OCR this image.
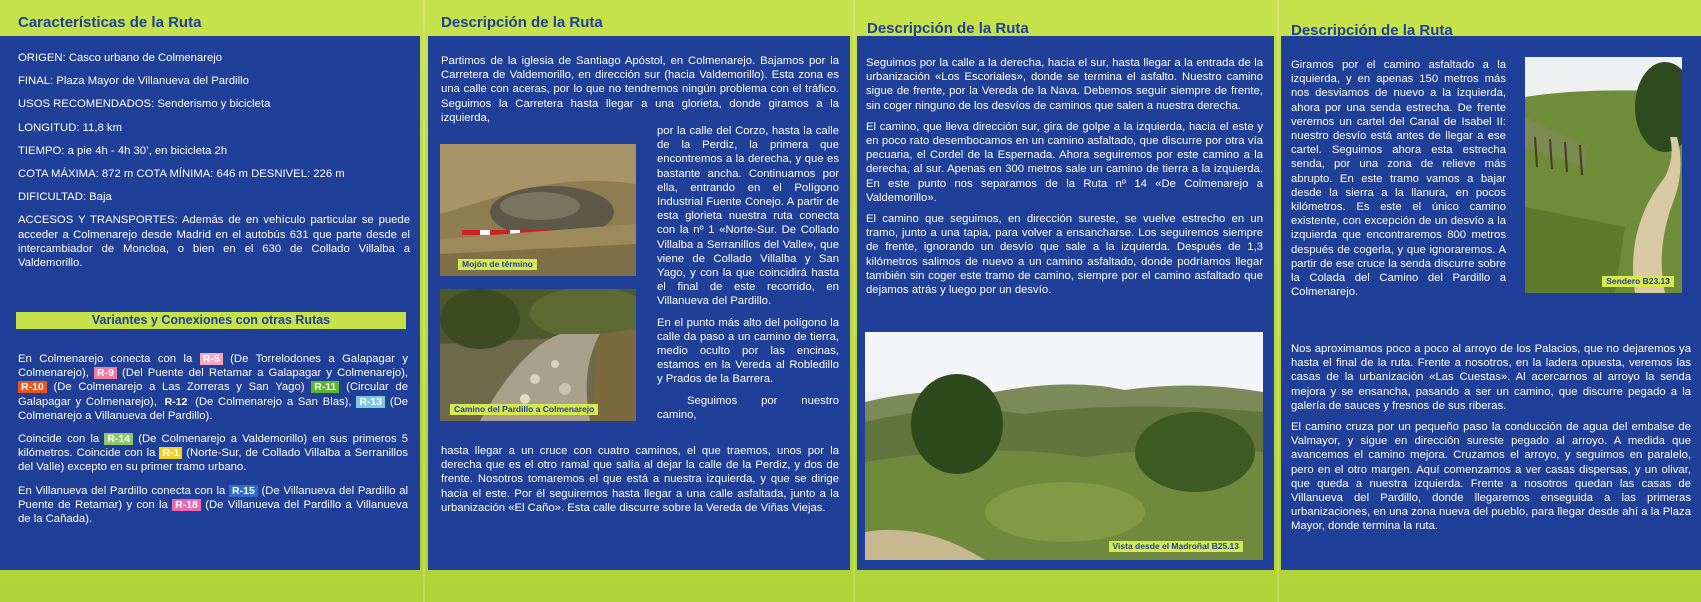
Características de la Ruta

ORIGEN: Casco urbano de Colmenarejo

FINAL: Plaza Mayor de Villanueva del Pardillo

USOS RECOMENDADOS: Senderismo y bicicleta

LONGITUD: 11,8 km

TIEMPO: a pie 4h - 4h 30’, en bicicleta 2h

COTA MÁXIMA: 872 m COTA MÍNIMA: 646 m DESNIVEL: 226 m

DIFICULTAD: Baja

ACCESOS Y TRANSPORTES: Además de en vehículo particular se puede acceder a Colmenarejo desde Madrid en el autobús 631 que parte desde el intercambiador de Moncloa, o bien en el 630 de Collado Villalba a Valdemorillo.

Variantes y Conexiones con otras Rutas

En Colmenarejo conecta con la R-5 (De Torrelodones a Galapagar y Colmenarejo), R-9 (Del Puente del Retamar a Galapagar y Colmenarejo), R-10 (De Colmenarejo a Las Zorreras y San Yago) R-11 (Circular de Galapagar y Colmenarejo), R-12 (De Colmenarejo a San Blas), R-13 (De Colmenarejo a Villanueva del Pardillo).

Coincide con la R-14 (De Colmenarejo a Valdemorillo) en sus primeros 5 kilómetros. Coincide con la R-1 (Norte-Sur, de Collado Villalba a Serranillos del Valle) excepto en su primer tramo urbano.

En Villanueva del Pardillo conecta con la R-15 (De Villanueva del Pardillo al Puente de Retamar) y con la R-18 (De Villanueva del Pardillo a Villanueva de la Cañada).

Descripción de la Ruta
Partimos de la iglesia de Santiago Apóstol, en Colmenarejo. Bajamos por la Carretera de Valdemorillo, en dirección sur (hacia Valdemorillo). Esta zona es una calle con aceras, por lo que no tendremos ningún problema con el tráfico. Seguimos la Carretera hasta llegar a una glorieta, donde giramos a la izquierda,
Mojón de término
Camino del Pardillo a Colmenarejo

por la calle del Corzo, hasta la calle de la Perdiz, la primera que encontremos a la derecha, y que es bastante ancha. Continuamos por ella, entrando en el Polígono Industrial Fuente Conejo. A partir de esta glorieta nuestra ruta conecta con la nº 1 «Norte-Sur. De Collado Villalba a Serranillos del Valle», que viene de Collado Villalba y San Yago, y con la que coincidirá hasta el final de este recorrido, en Villanueva del Pardillo.

En el punto más alto del polígono la calle da paso a un camino de tierra, medio oculto por las encinas, estamos en la Vereda al Robledillo y Prados de la Barrera.

Seguimos por nuestro camino,

hasta llegar a un cruce con cuatro caminos, el que traemos, unos por la derecha que es el otro ramal que salía al dejar la calle de la Perdiz, y dos de frente. Nosotros tomaremos el que está a nuestra izquierda, y que se dirige hacia el este. Por él seguiremos hasta llegar a una calle asfaltada, junto a la urbanización «El Caño». Esta calle discurre sobre la Vereda de Viñas Viejas.
Descripción de la Ruta

Seguimos por la calle a la derecha, hacia el sur, hasta llegar a la entrada de la urbanización «Los Escoriales», donde se termina el asfalto. Nuestro camino sigue de frente, por la Vereda de la Nava. Debemos seguir siempre de frente, sin coger ninguno de los desvíos de caminos que salen a nuestra derecha.

El camino, que lleva dirección sur, gira de golpe a la izquierda, hacia el este y en poco rato desembocamos en un camino asfaltado, que discurre por otra vía pecuaria, el Cordel de la Espernada. Ahora seguiremos por este camino a la derecha, al sur. Apenas en 300 metros sale un camino de tierra a la izquierda. En este punto nos separamos de la Ruta nº 14 «De Colmenarejo a Valdemorillo».

El camino que seguimos, en dirección sureste, se vuelve estrecho en un tramo, junto a una tapia, para volver a ensancharse. Los seguiremos siempre de frente, ignorando un desvío que sale a la izquierda. Después de 1,3 kilómetros salimos de nuevo a un camino asfaltado, donde podríamos llegar también sin coger este tramo de camino, siempre por el camino asfaltado que dejamos atrás y luego por un desvío.

Vista desde el Madroñal B25.13
Descripción de la Ruta
Giramos por el camino asfaltado a la izquierda, y en apenas 150 metros más nos desviamos de nuevo a la izquierda, ahora por una senda estrecha. De frente veremos un cartel del Canal de Isabel II: nuestro desvío está antes de llegar a ese cartel. Seguimos ahora esta estrecha senda, por una zona de relieve más abrupto. En este tramo vamos a bajar desde la sierra a la llanura, en pocos kilómetros. Es este el único camino existente, con excepción de un desvío a la izquierda que encontraremos 800 metros después de cogerla, y que ignoraremos. A partir de ese cruce la senda discurre sobre la Colada del Camino del Pardillo a Colmenarejo.
Sendero B23.13

Nos aproximamos poco a poco al arroyo de los Palacios, que no dejaremos ya hasta el final de la ruta. Frente a nosotros, en la ladera opuesta, veremos las casas de la urbanización «Las Cuestas». Al acercarnos al arroyo la senda mejora y se ensancha, pasando a ser un camino, que discurre pegado a la galería de sauces y fresnos de sus riberas.

El camino cruza por un pequeño paso la conducción de agua del embalse de Valmayor, y sigue en dirección sureste pegado al arroyo. A medida que avancemos el camino mejora. Cruzamos el arroyo, y seguimos en paralelo, pero en el otro margen. Aquí comenzamos a ver casas dispersas, y un olivar, que queda a nuestra izquierda. Frente a nosotros quedan las casas de Villanueva del Pardillo, donde llegaremos enseguida a las primeras urbanizaciones, en una zona nueva del pueblo, para llegar desde ahí a la Plaza Mayor, donde termina la ruta.
